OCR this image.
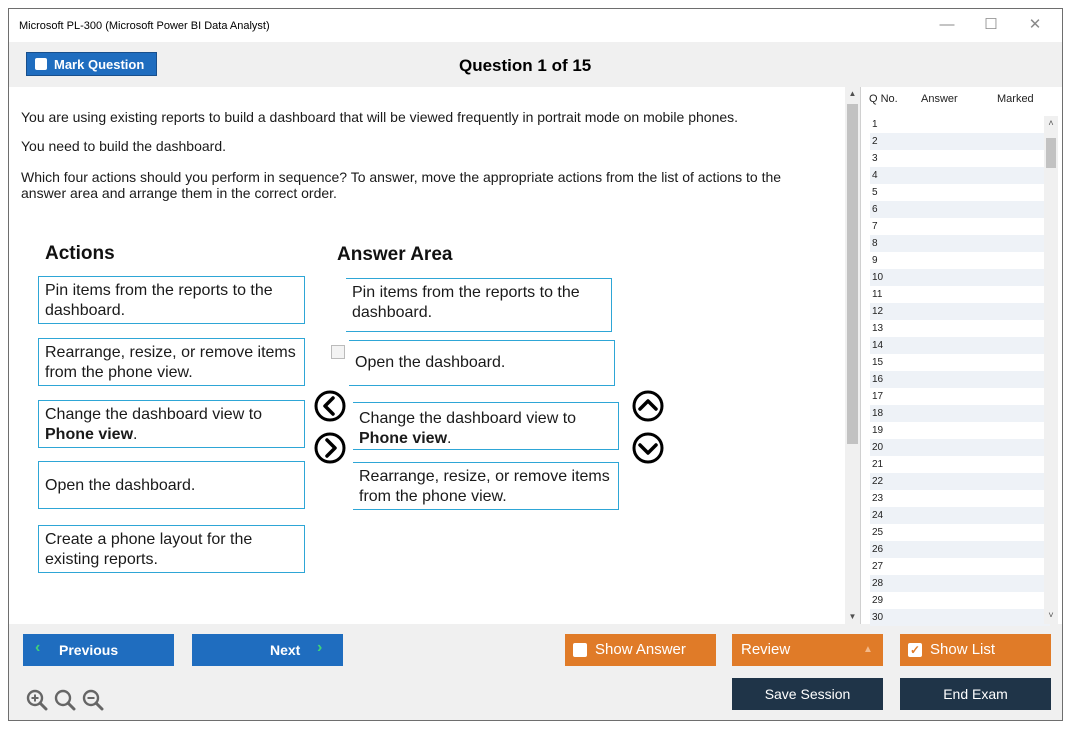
Microsoft PL-300 (Microsoft Power BI Data Analyst)	—	☐	✕
Mark Question	Question 1 of 15
You are using existing reports to build a dashboard that will be viewed frequently in portrait mode on mobile phones.
You need to build the dashboard.
Which four actions should you perform in sequence? To answer, move the appropriate actions from the list of actions to the answer area and arrange them in the correct order.
Actions	Answer Area
Pin items from the reports to the dashboard.
Rearrange, resize, or remove items from the phone view.
Change the dashboard view to Phone view.
Open the dashboard.
Create a phone layout for the existing reports.
Pin items from the reports to the dashboard.
Open the dashboard.
Change the dashboard view to Phone view.
Rearrange, resize, or remove items from the phone view.
▲
▼
Q No. Answer	Marked
1
2
3
4
5
6
7
8
9
10
11
12
13
14
15
16
17
18
19
20
21
22
23
24
25
26
27
28
29
30
˄
˅
‹ Previous	Next ›	Show Answer	Review	▲	✓ Show List
Save Session	End Exam
